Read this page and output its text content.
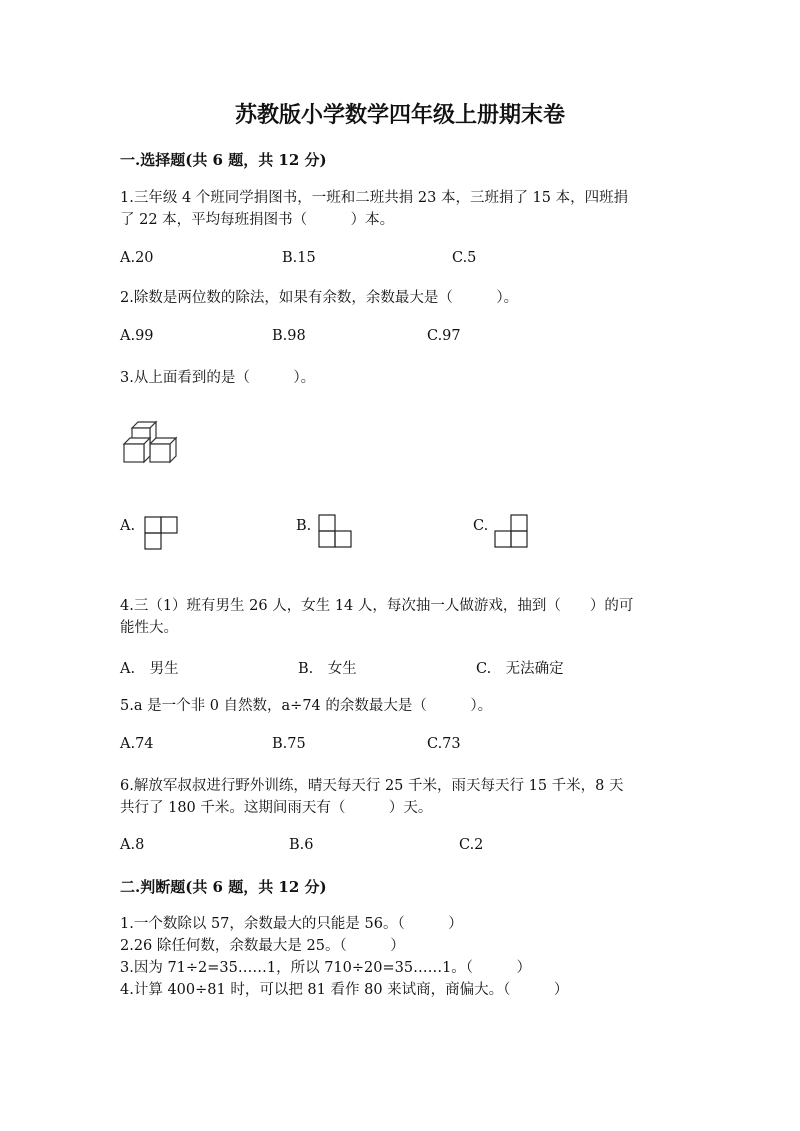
苏教版小学数学四年级上册期末卷
一.选择题(共 6 题，共 12 分)
1.三年级 4 个班同学捐图书，一班和二班共捐 23 本，三班捐了 15 本，四班捐
了 22 本，平均每班捐图书（　　　）本。
A.20	B.15	C.5
2.除数是两位数的除法，如果有余数，余数最大是（　　　）。
A.99	B.98	C.97
3.从上面看到的是（　　　）。
A.	B.	C.
4.三（1）班有男生 26 人，女生 14 人，每次抽一人做游戏，抽到（　　）的可
能性大。
A.　男生	B.　女生	C.　无法确定
5.a 是一个非 0 自然数，a÷74 的余数最大是（　　　）。
A.74	B.75	C.73
6.解放军叔叔进行野外训练，晴天每天行 25 千米，雨天每天行 15 千米，8 天
共行了 180 千米。这期间雨天有（　　　）天。
A.8	B.6	C.2
二.判断题(共 6 题，共 12 分)
1.一个数除以 57，余数最大的只能是 56。（　　　）
2.26 除任何数，余数最大是 25。（　　　）
3.因为 71÷2=35……1，所以 710÷20=35……1。（　　　）
4.计算 400÷81 时，可以把 81 看作 80 来试商，商偏大。（　　　）
